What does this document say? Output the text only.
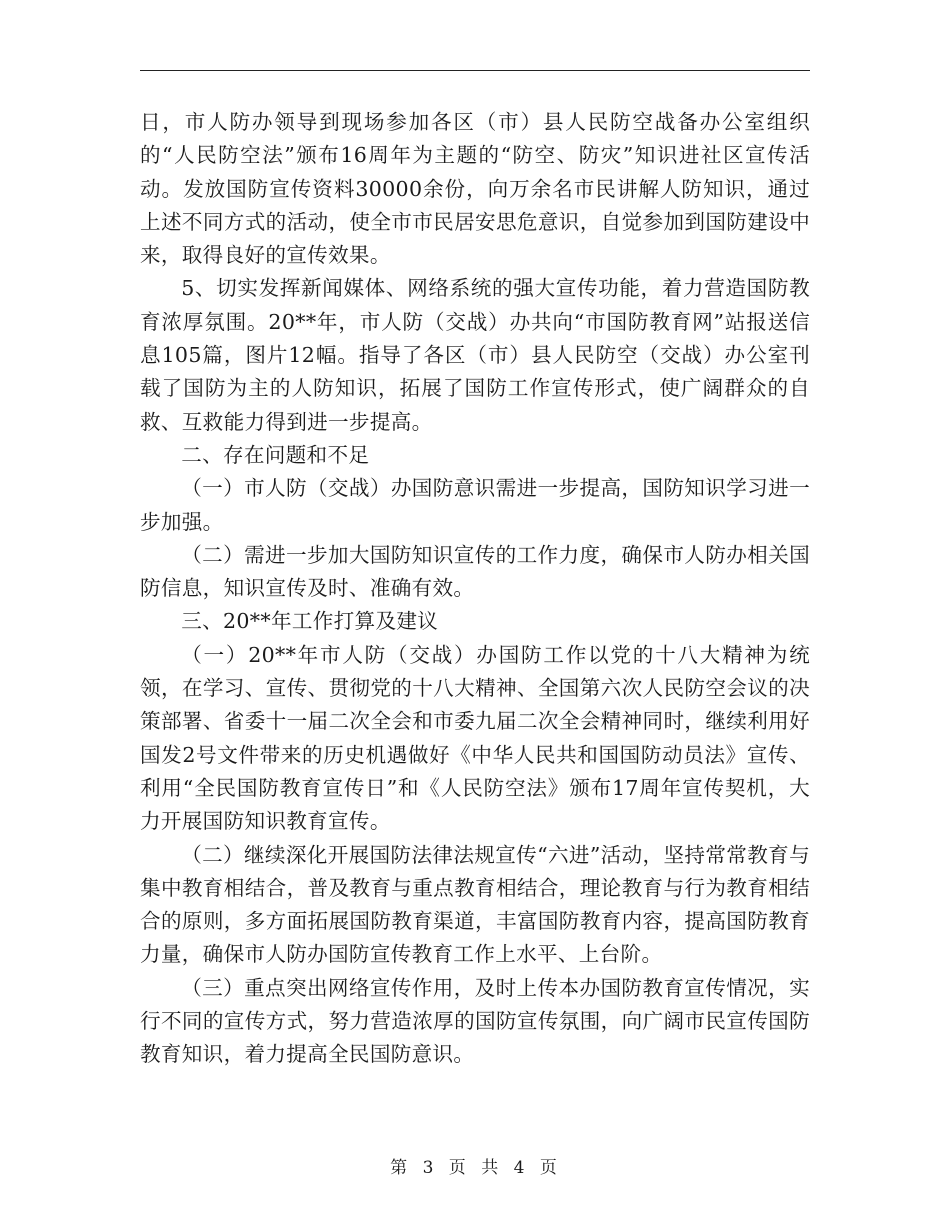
日，市人防办领导到现场参加各区（市）县人民防空战备办公室组织的“人民防空法”颁布16周年为主题的“防空、防灾”知识进社区宣传活动。发放国防宣传资料30000余份，向万余名市民讲解人防知识，通过上述不同方式的活动，使全市市民居安思危意识，自觉参加到国防建设中来，取得良好的宣传效果。

5、切实发挥新闻媒体、网络系统的强大宣传功能，着力营造国防教育浓厚氛围。20**年，市人防（交战）办共向“市国防教育网”站报送信息105篇，图片12幅。指导了各区（市）县人民防空（交战）办公室刊载了国防为主的人防知识，拓展了国防工作宣传形式，使广阔群众的自救、互救能力得到进一步提高。

二、存在问题和不足

（一）市人防（交战）办国防意识需进一步提高，国防知识学习进一步加强。

（二）需进一步加大国防知识宣传的工作力度，确保市人防办相关国防信息，知识宣传及时、准确有效。

三、20**年工作打算及建议

（一）20**年市人防（交战）办国防工作以党的十八大精神为统领，在学习、宣传、贯彻党的十八大精神、全国第六次人民防空会议的决策部署、省委十一届二次全会和市委九届二次全会精神同时，继续利用好国发2号文件带来的历史机遇做好《中华人民共和国国防动员法》宣传、利用“全民国防教育宣传日”和《人民防空法》颁布17周年宣传契机，大力开展国防知识教育宣传。

（二）继续深化开展国防法律法规宣传“六进”活动，坚持常常教育与集中教育相结合，普及教育与重点教育相结合，理论教育与行为教育相结合的原则，多方面拓展国防教育渠道，丰富国防教育内容，提高国防教育力量，确保市人防办国防宣传教育工作上水平、上台阶。

（三）重点突出网络宣传作用，及时上传本办国防教育宣传情况，实行不同的宣传方式，努力营造浓厚的国防宣传氛围，向广阔市民宣传国防教育知识，着力提高全民国防意识。

第 3 页 共 4 页
